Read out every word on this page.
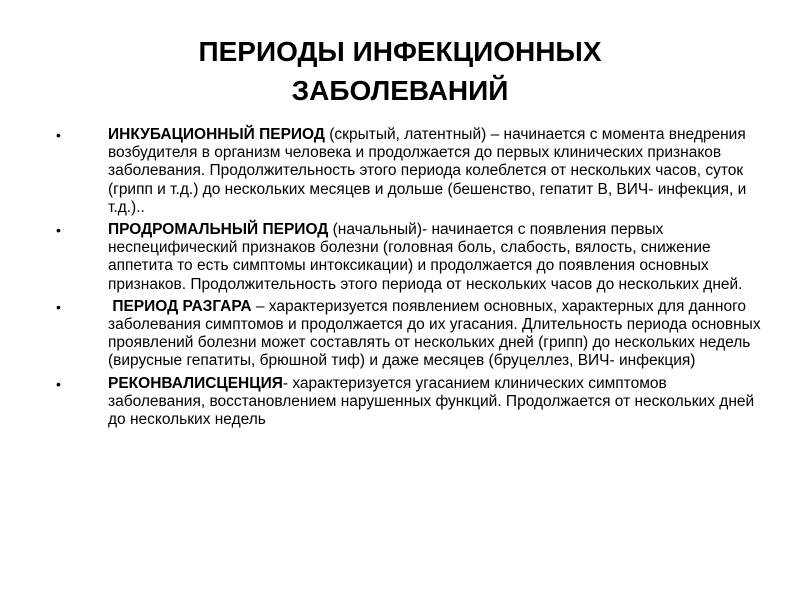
ПЕРИОДЫ ИНФЕКЦИОННЫХ
ЗАБОЛЕВАНИЙ
•	ИНКУБАЦИОННЫЙ ПЕРИОД (скрытый, латентный) – начинается с момента внедрения возбудителя в организм человека и продолжается до первых клинических признаков заболевания. Продолжительность этого периода колеблется от нескольких часов, суток (грипп и т.д.) до нескольких месяцев и дольше (бешенство, гепатит В, ВИЧ- инфекция, и т.д.)..
•	ПРОДРОМАЛЬНЫЙ ПЕРИОД (начальный)- начинается с появления первых неспецифический признаков болезни (головная боль, слабость, вялость, снижение аппетита то есть симптомы интоксикации) и продолжается до появления основных признаков. Продолжительность этого периода от нескольких часов до нескольких дней.
•	ПЕРИОД РАЗГАРА – характеризуется появлением основных, характерных для данного заболевания симптомов и продолжается до их угасания. Длительность периода основных проявлений болезни может составлять от нескольких дней (грипп) до нескольких недель (вирусные гепатиты, брюшной тиф) и даже месяцев (бруцеллез, ВИЧ- инфекция)
•	РЕКОНВАЛИСЦЕНЦИЯ- характеризуется угасанием клинических симптомов заболевания, восстановлением нарушенных функций. Продолжается от нескольких дней до нескольких недель
